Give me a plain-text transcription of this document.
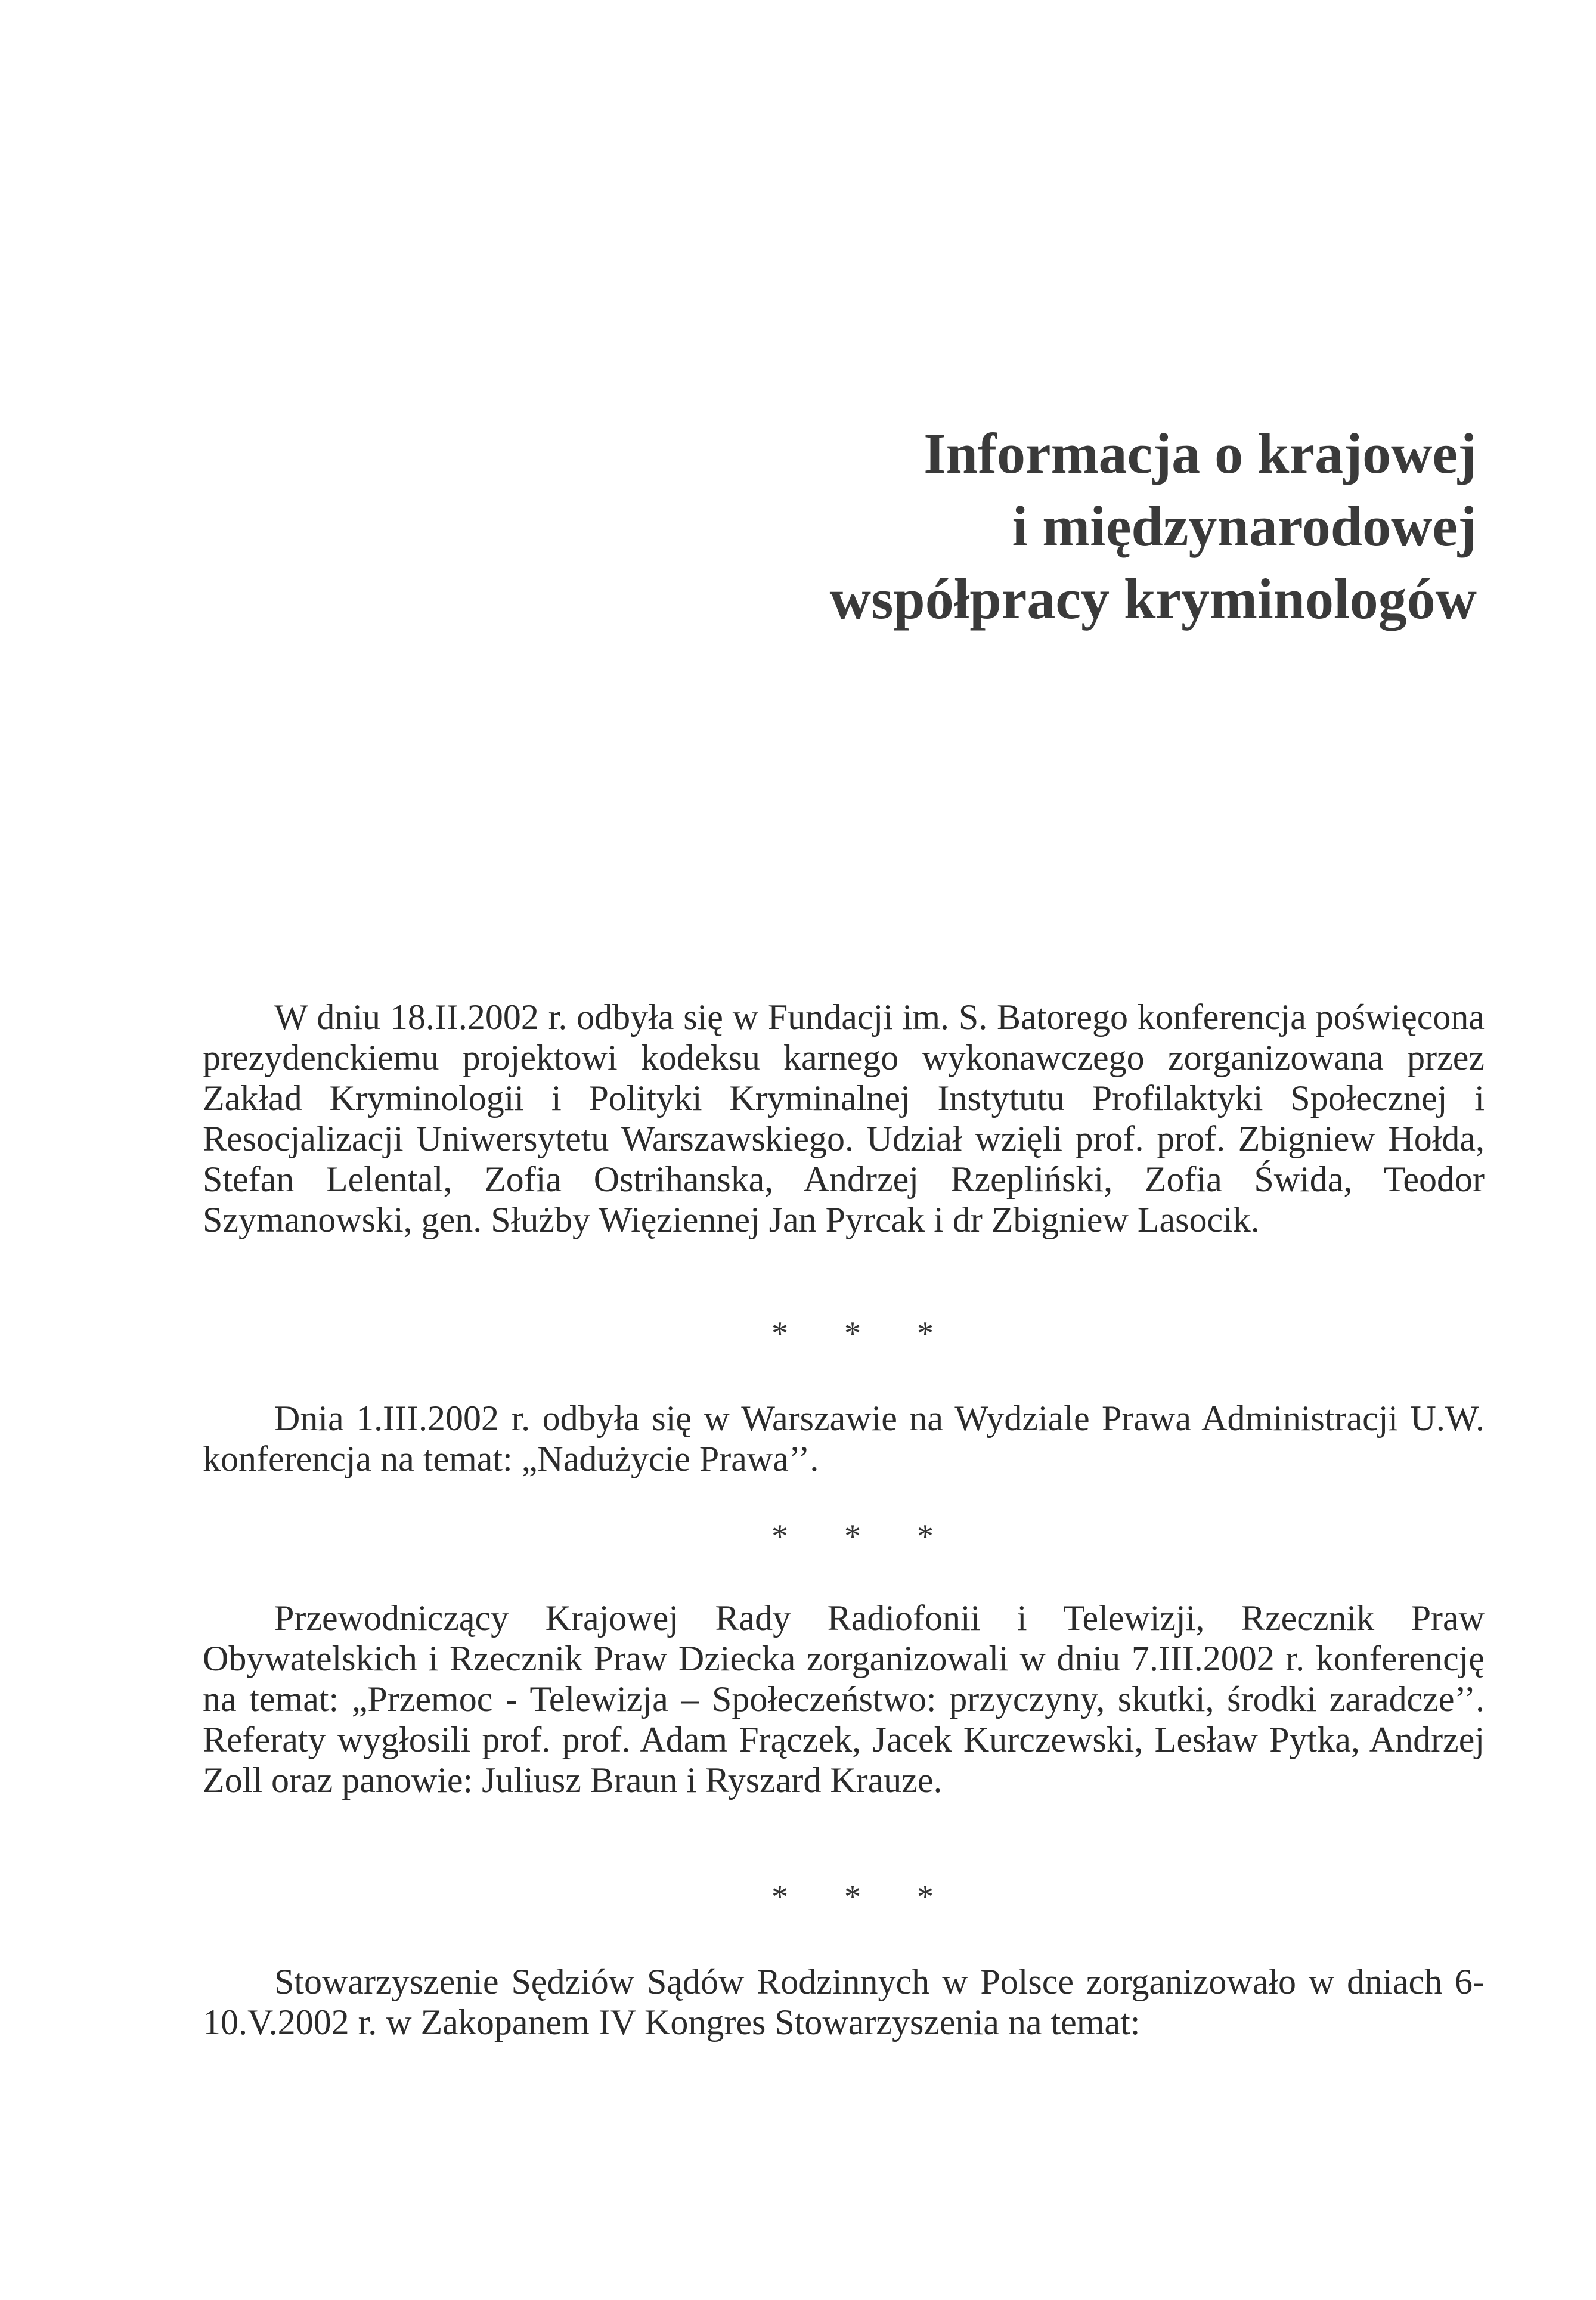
Informacja o krajowej
i międzynarodowej
współpracy kryminologów

W dniu 18.II.2002 r. odbyła się w Fundacji im. S. Batorego konferencja poświęcona prezydenckiemu projektowi kodeksu karnego wykonawczego zorganizowana przez Zakład Kryminologii i Polityki Kryminalnej Instytutu Profilaktyki Społecznej i Resocjalizacji Uniwersytetu Warszawskiego. Udział wzięli prof. prof. Zbigniew Hołda, Stefan Lelental, Zofia Ostrihanska, Andrzej Rzepliński, Zofia Świda, Teodor Szymanowski, gen. Służby Więziennej Jan Pyrcak i dr Zbigniew Lasocik.

* * *

Dnia 1.III.2002 r. odbyła się w Warszawie na Wydziale Prawa Administracji U.W. konferencja na temat: „Nadużycie Prawa’’.

* * *

Przewodniczący Krajowej Rady Radiofonii i Telewizji, Rzecznik Praw Obywatelskich i Rzecznik Praw Dziecka zorganizowali w dniu 7.III.2002 r. konferencję na temat: „Przemoc - Telewizja – Społeczeństwo: przyczyny, skutki, środki zaradcze’’. Referaty wygłosili prof. prof. Adam Frączek, Jacek Kurczewski, Lesław Pytka, Andrzej Zoll oraz panowie: Juliusz Braun i Ryszard Krauze.

* * *

Stowarzyszenie Sędziów Sądów Rodzinnych w Polsce zorganizowało w dniach 6-10.V.2002 r. w Zakopanem IV Kongres Stowarzyszenia na temat:
